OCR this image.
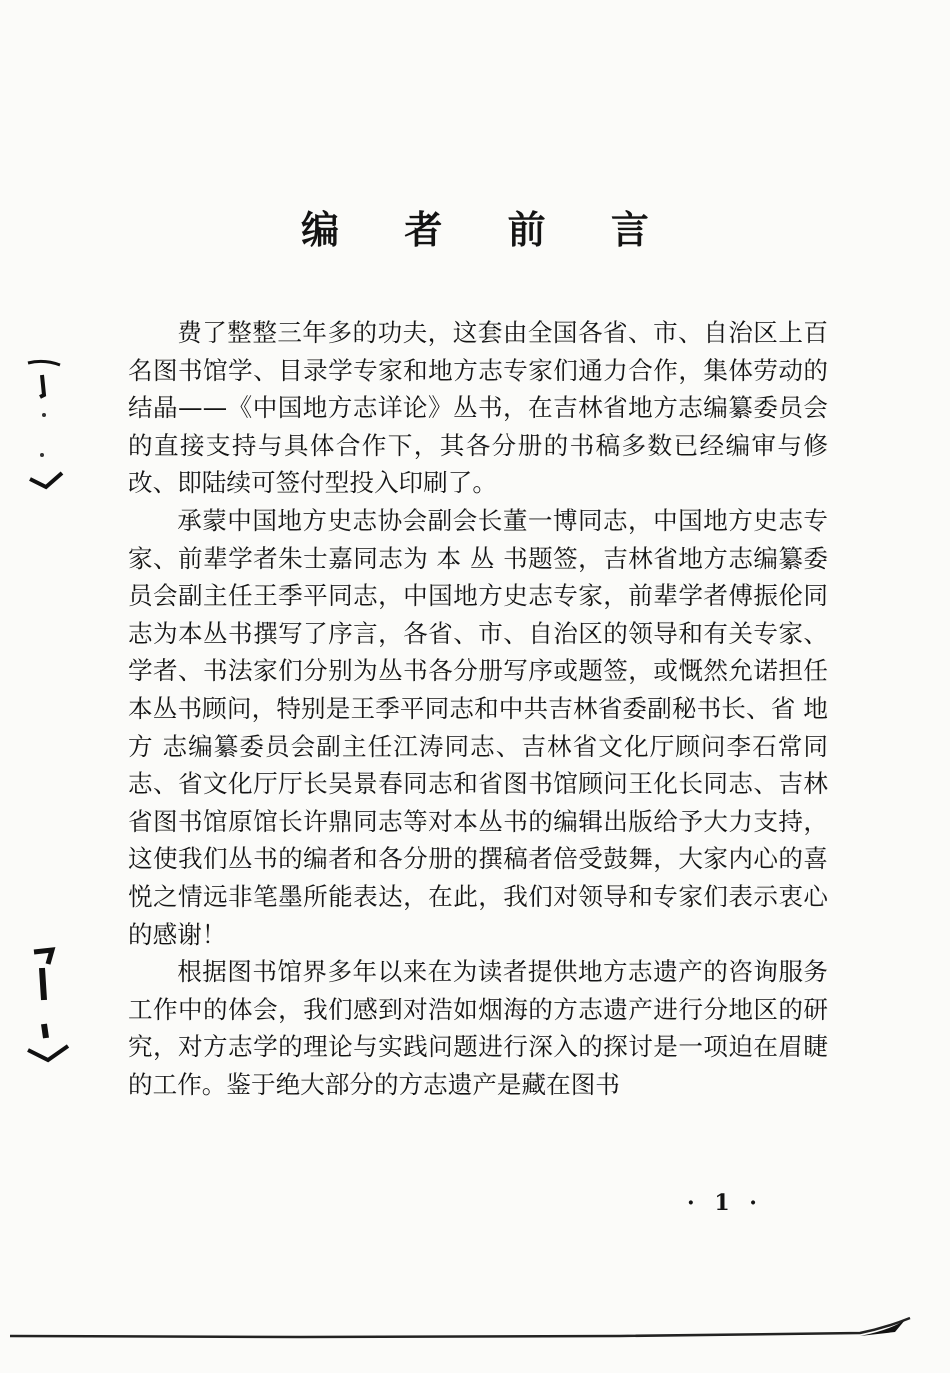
编 者 前 言

费了整整三年多的功夫，这套由全国各省、市、自治区上百名图书馆学、目录学专家和地方志专家们通力合作，集体劳动的结晶——《中国地方志详论》丛书，在吉林省地方志编纂委员会的直接支持与具体合作下，其各分册的书稿多数已经编审与修改、即陆续可签付型投入印刷了。

承蒙中国地方史志协会副会长董一博同志，中国地方史志专家、前辈学者朱士嘉同志为 本 丛 书题签，吉林省地方志编纂委员会副主任王季平同志，中国地方史志专家，前辈学者傅振伦同志为本丛书撰写了序言，各省、市、自治区的领导和有关专家、学者、书法家们分别为丛书各分册写序或题签，或慨然允诺担任本丛书顾问，特别是王季平同志和中共吉林省委副秘书长、省 地 方 志编纂委员会副主任江涛同志、吉林省文化厅顾问李石常同志、省文化厅厅长吴景春同志和省图书馆顾问王化长同志、吉林省图书馆原馆长许鼎同志等对本丛书的编辑出版给予大力支持，这使我们丛书的编者和各分册的撰稿者倍受鼓舞，大家内心的喜悦之情远非笔墨所能表达，在此，我们对领导和专家们表示衷心的感谢！

根据图书馆界多年以来在为读者提供地方志遗产的咨询服务工作中的体会，我们感到对浩如烟海的方志遗产进行分地区的研究，对方志学的理论与实践问题进行深入的探讨是一项迫在眉睫的工作。鉴于绝大部分的方志遗产是藏在图书

· 1 ·
